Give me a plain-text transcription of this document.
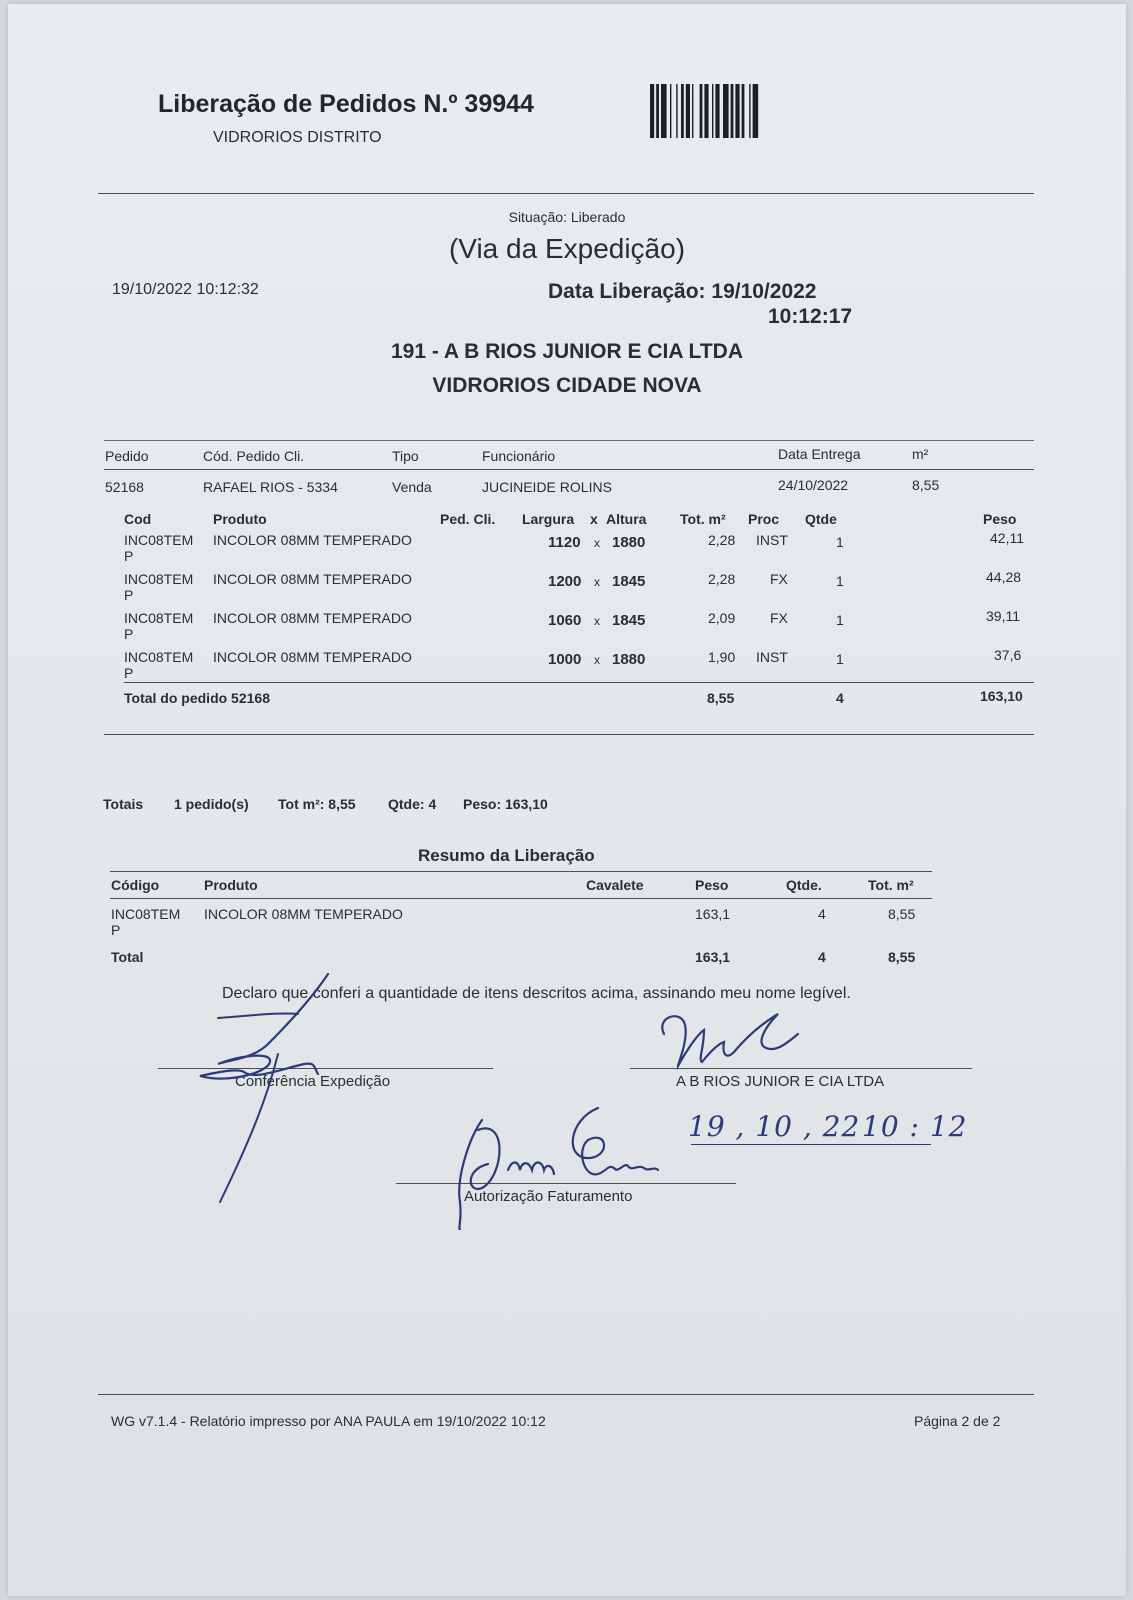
Liberação de Pedidos N.º 39944
VIDRORIOS DISTRITO
Situação: Liberado
(Via da Expedição)
19/10/2022 10:12:32	Data Liberação: 19/10/2022
10:12:17
191 - A B RIOS JUNIOR E CIA LTDA
VIDRORIOS CIDADE NOVA
Pedido	Cód. Pedido Cli.	Tipo	Funcionário	Data Entrega	m²
52168	RAFAEL RIOS - 5334	Venda	JUCINEIDE ROLINS	24/10/2022	8,55
Cod	Produto	Ped. Cli. Largura x Altura Tot. m² Proc Qtde	Peso
INC08TEM
P
INCOLOR 08MM TEMPERADO	1120 x 1880	2,28 INST	1	42,11
INC08TEM
P
INCOLOR 08MM TEMPERADO	1200 x 1845	2,28 FX	1	44,28
INC08TEM
P
INCOLOR 08MM TEMPERADO	1060 x 1845	2,09 FX	1	39,11
INC08TEM
P
INCOLOR 08MM TEMPERADO	1000 x 1880	1,90 INST	1	37,6
Total do pedido 52168	8,55	4	163,10
Totais 1 pedido(s) Tot m²: 8,55 Qtde: 4 Peso: 163,10
Resumo da Liberação
Código	Produto	Cavalete	Peso	Qtde.	Tot. m²
INC08TEM
P
INCOLOR 08MM TEMPERADO	163,1	4	8,55
Total	163,1	4	8,55
Declaro que conferi a quantidade de itens descritos acima, assinando meu nome legível.
Conferência Expedição	A B RIOS JUNIOR E CIA LTDA
Autorização Faturamento
19 , 10 , 22 10 : 12
WG v7.1.4 - Relatório impresso por ANA PAULA em 19/10/2022 10:12	Página 2 de 2
